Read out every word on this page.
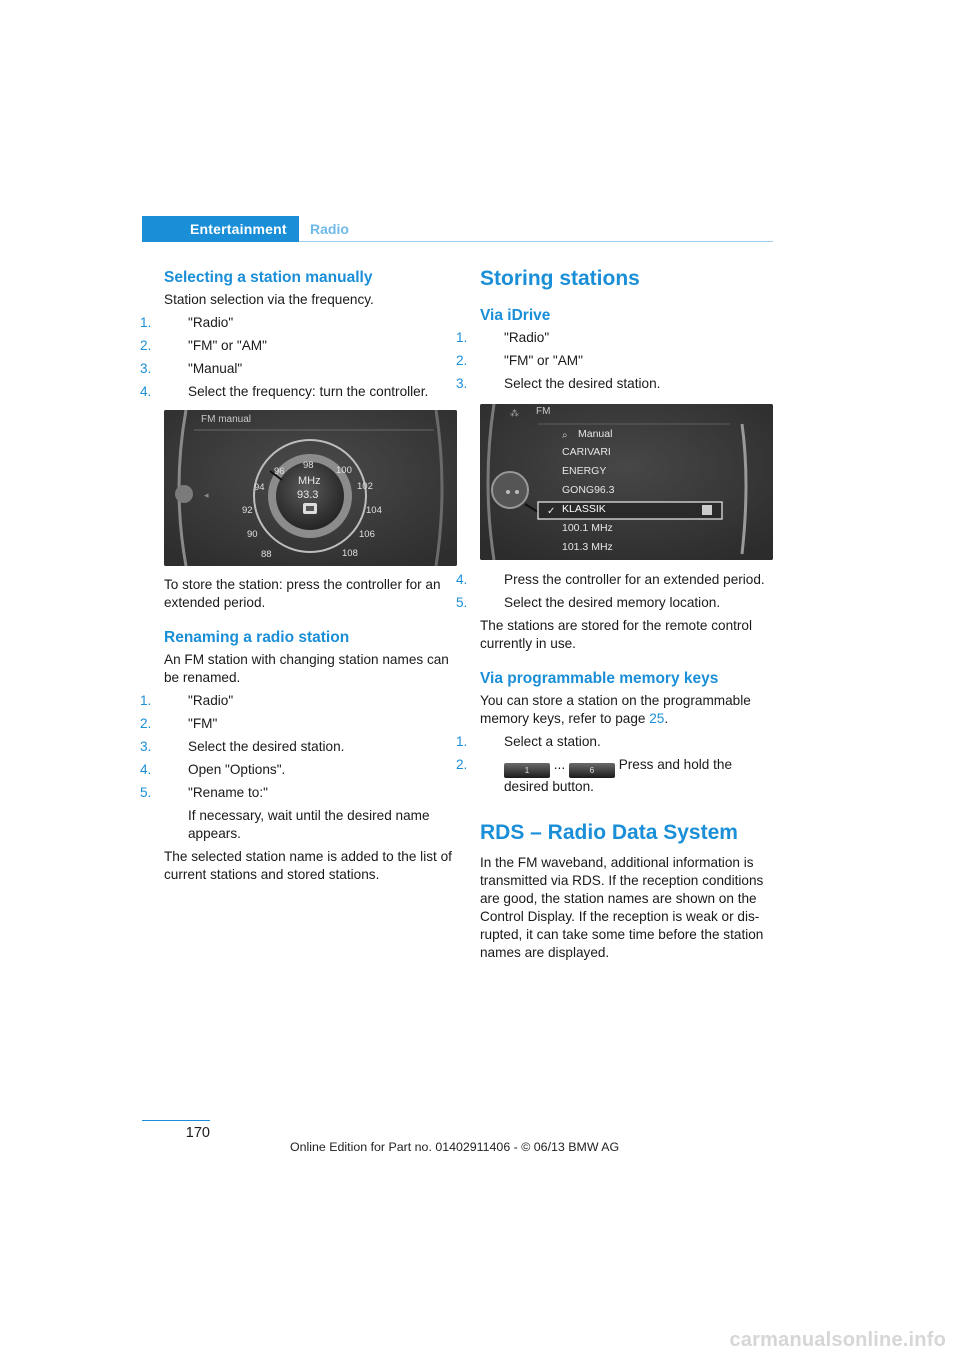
Entertainment Radio

Selecting a station manually

Station selection via the frequency.

1.	"Radio"

2.	"FM" or "AM"

3.	"Manual"

4.	Select the frequency: turn the controller.

◂
FM manual
MHz
93.3
88
90
92
94
96
98 100
102
104
106
108

To store the station: press the controller for an extended period.

Renaming a radio station

An FM station with changing station names can be renamed.

1.	"Radio"

2.	"FM"

3.	Select the desired station.

4.	Open "Options".

5.	"Rename to:"

If necessary, wait until the desired name appears.

The selected station name is added to the list of current stations and stored stations.

Storing stations

Via iDrive

1.	"Radio"

2.	"FM" or "AM"

3.	Select the desired station.

✓
⁂
⌕
FM
Manual
CARIVARI
ENERGY
GONG96.3
KLASSIK
100.1 MHz
101.3 MHz

4.	Press the controller for an extended period.

5.	Select the desired memory location.

The stations are stored for the remote control currently in use.

Via programmable memory keys

You can store a station on the programmable memory keys, refer to page 25.

1.	Select a station.

2.	1 ...	6 Press and hold the desired button.

RDS – Radio Data System

In the FM waveband, additional information is transmitted via RDS. If the reception conditions are good, the station names are shown on the Control Display. If the reception is weak or dis-rupted, it can take some time before the station names are displayed.

170
Online Edition for Part no. 01402911406 - © 06/13 BMW AG
carmanualsonline.info
